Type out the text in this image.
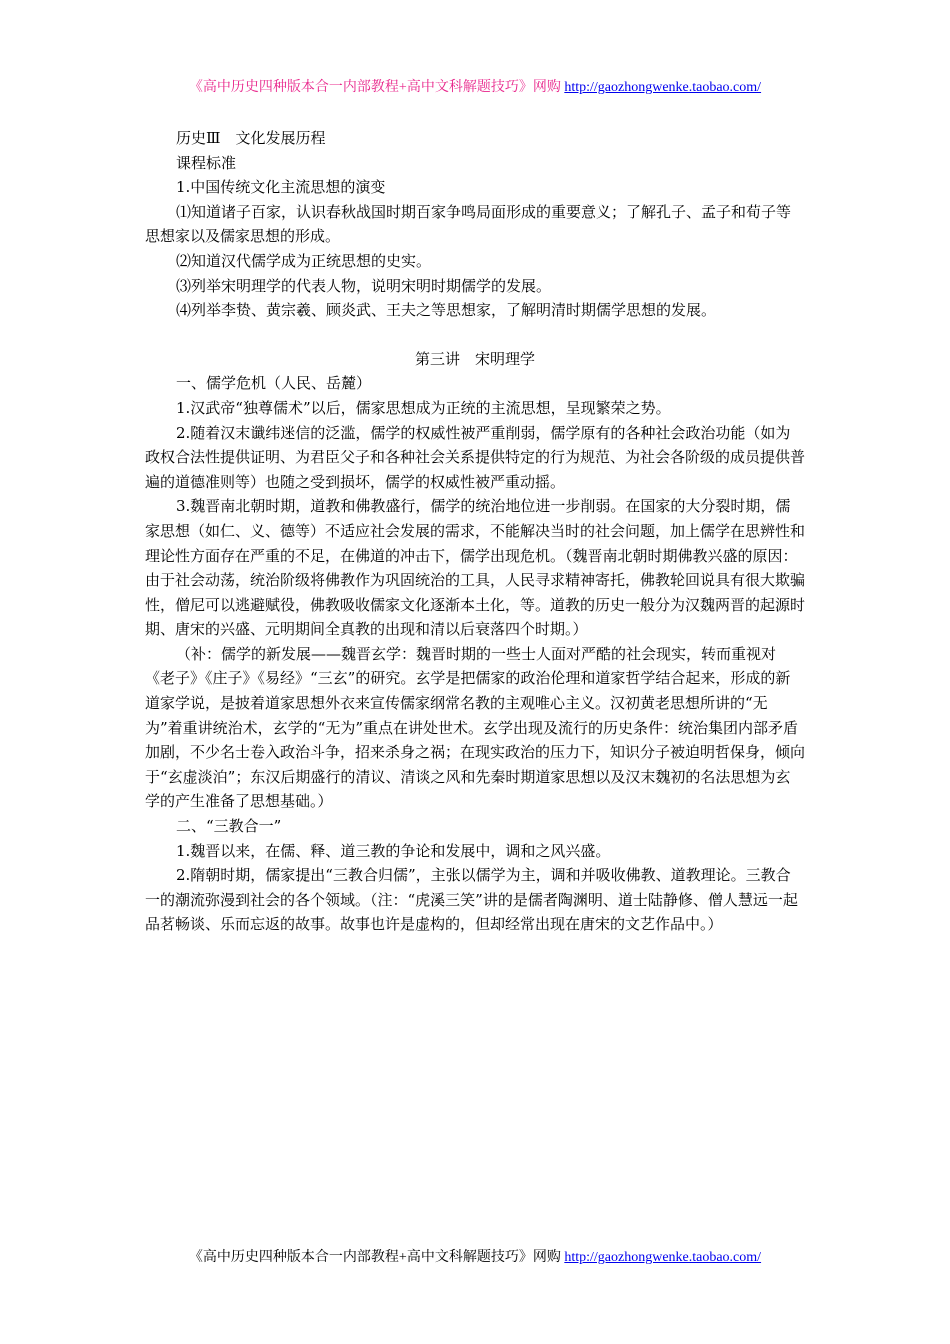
《高中历史四种版本合一内部教程+高中文科解题技巧》网购 http://gaozhongwenke.taobao.com/

历史Ⅲ　文化发展历程

课程标准

1.中国传统文化主流思想的演变

⑴知道诸子百家，认识春秋战国时期百家争鸣局面形成的重要意义；了解孔子、孟子和荀子等思想家以及儒家思想的形成。

⑵知道汉代儒学成为正统思想的史实。

⑶列举宋明理学的代表人物，说明宋明时期儒学的发展。

⑷列举李贽、黄宗羲、顾炎武、王夫之等思想家，了解明清时期儒学思想的发展。

第三讲　宋明理学

一、儒学危机（人民、岳麓）

1.汉武帝“独尊儒术”以后，儒家思想成为正统的主流思想，呈现繁荣之势。

2.随着汉末谶纬迷信的泛滥，儒学的权威性被严重削弱，儒学原有的各种社会政治功能（如为政权合法性提供证明、为君臣父子和各种社会关系提供特定的行为规范、为社会各阶级的成员提供普遍的道德准则等）也随之受到损坏，儒学的权威性被严重动摇。

3.魏晋南北朝时期，道教和佛教盛行，儒学的统治地位进一步削弱。在国家的大分裂时期，儒家思想（如仁、义、德等）不适应社会发展的需求，不能解决当时的社会问题，加上儒学在思辨性和理论性方面存在严重的不足，在佛道的冲击下，儒学出现危机。（魏晋南北朝时期佛教兴盛的原因：由于社会动荡，统治阶级将佛教作为巩固统治的工具，人民寻求精神寄托，佛教轮回说具有很大欺骗性，僧尼可以逃避赋役，佛教吸收儒家文化逐渐本土化，等。道教的历史一般分为汉魏两晋的起源时期、唐宋的兴盛、元明期间全真教的出现和清以后衰落四个时期。）

（补：儒学的新发展——魏晋玄学：魏晋时期的一些士人面对严酷的社会现实，转而重视对《老子》《庄子》《易经》“三玄”的研究。玄学是把儒家的政治伦理和道家哲学结合起来，形成的新道家学说，是披着道家思想外衣来宣传儒家纲常名教的主观唯心主义。汉初黄老思想所讲的“无为”着重讲统治术，玄学的“无为”重点在讲处世术。玄学出现及流行的历史条件：统治集团内部矛盾加剧，不少名士卷入政治斗争，招来杀身之祸；在现实政治的压力下，知识分子被迫明哲保身，倾向于“玄虚淡泊”；东汉后期盛行的清议、清谈之风和先秦时期道家思想以及汉末魏初的名法思想为玄学的产生准备了思想基础。）

二、“三教合一”

1.魏晋以来，在儒、释、道三教的争论和发展中，调和之风兴盛。

2.隋朝时期，儒家提出“三教合归儒”，主张以儒学为主，调和并吸收佛教、道教理论。三教合一的潮流弥漫到社会的各个领域。（注：“虎溪三笑”讲的是儒者陶渊明、道士陆静修、僧人慧远一起品茗畅谈、乐而忘返的故事。故事也许是虚构的，但却经常出现在唐宋的文艺作品中。）

《高中历史四种版本合一内部教程+高中文科解题技巧》网购 http://gaozhongwenke.taobao.com/
